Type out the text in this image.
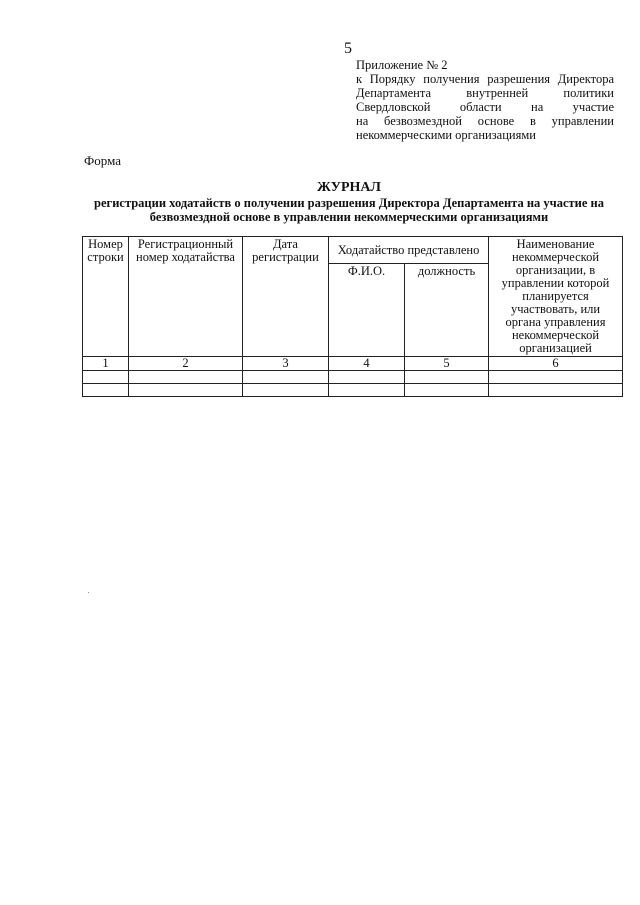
5
Приложение № 2
к Порядку получения разрешения Директора
Департамента внутренней политики
Свердловской области на участие
на безвозмездной основе в управлении
некоммерческими организациями
Форма
ЖУРНАЛ
регистрации ходатайств о получении разрешения Директора Департамента на участие на
безвозмездной основе в управлении некоммерческими организациями
Номер строки	Регистрационный номер ходатайства	Дата регистрации	Ходатайство представлено		Наименование некоммерческой организации, в управлении которой планируется участвовать, или органа управления некоммерческой организацией
			Ф.И.О.	должность	
1	2	3	4	5	6
